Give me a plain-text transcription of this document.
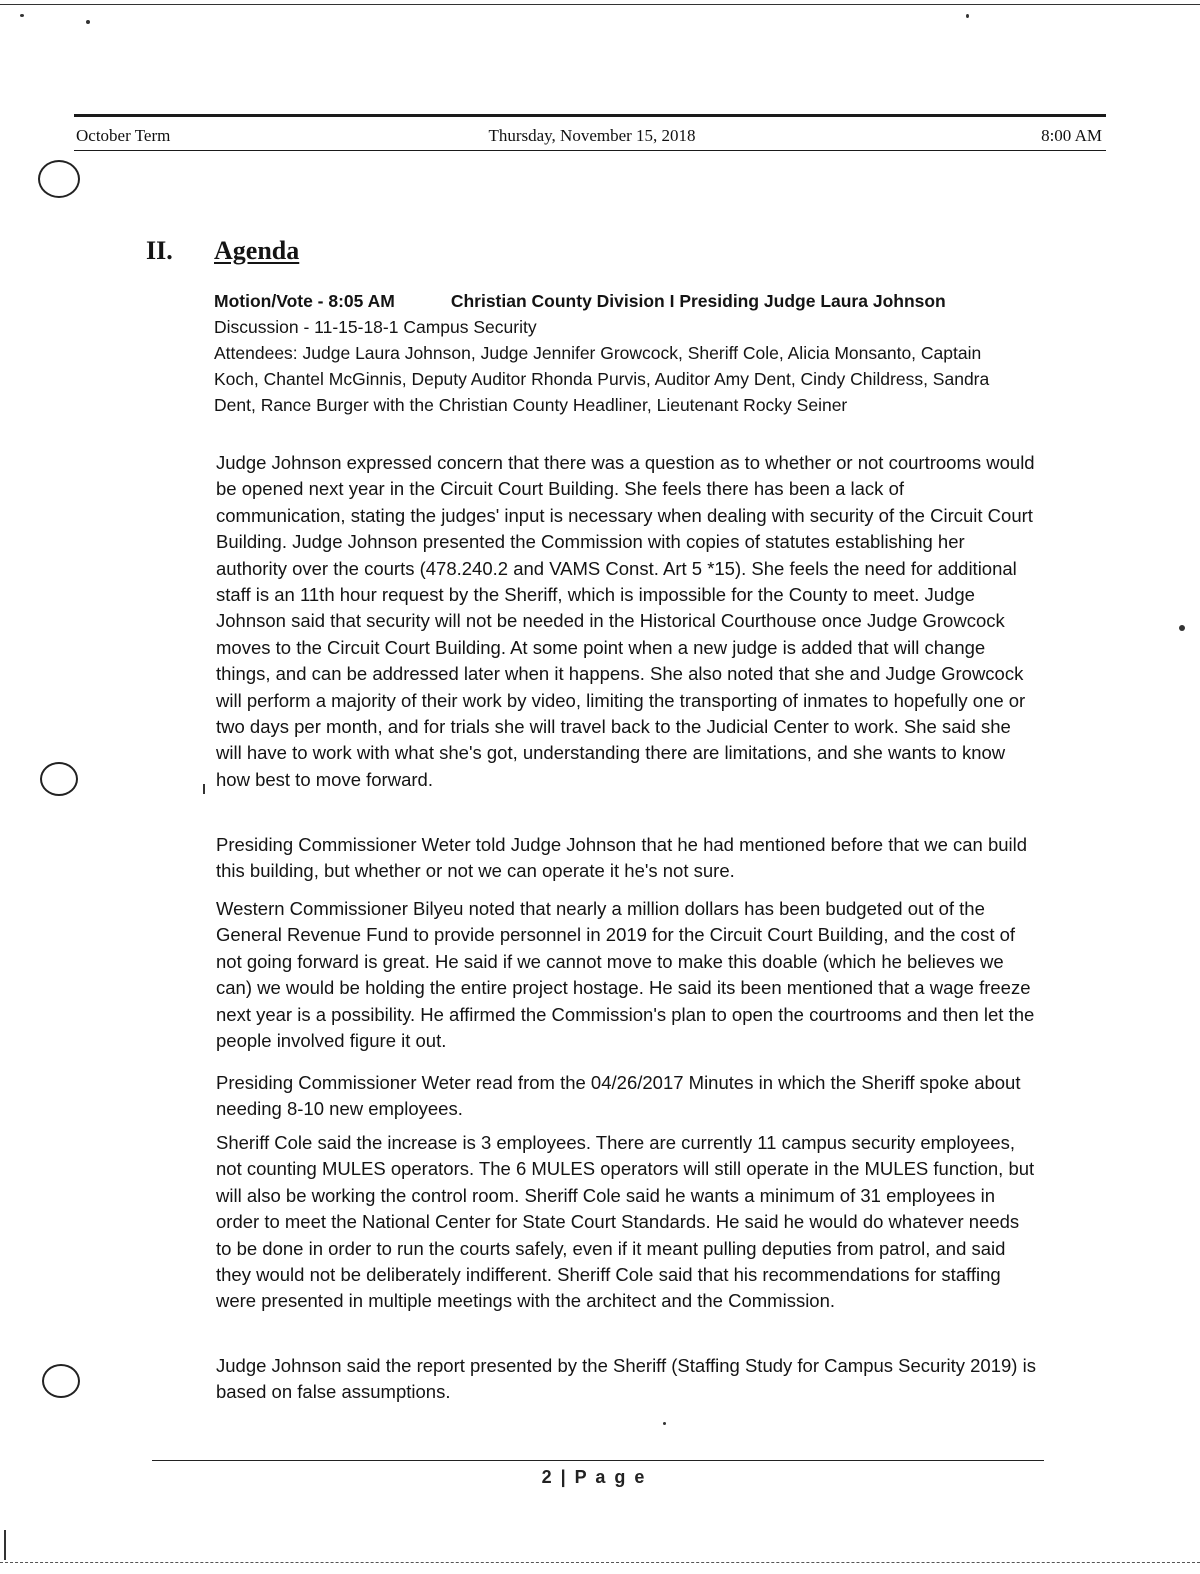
October Term	Thursday, November 15, 2018	8:00 AM
II. Agenda
Motion/Vote - 8:05 AM	Christian County Division I Presiding Judge Laura Johnson
Discussion - 11-15-18-1 Campus Security
Attendees: Judge Laura Johnson, Judge Jennifer Growcock, Sheriff Cole, Alicia Monsanto, Captain Koch, Chantel McGinnis, Deputy Auditor Rhonda Purvis, Auditor Amy Dent, Cindy Childress, Sandra Dent, Rance Burger with the Christian County Headliner, Lieutenant Rocky Seiner

Judge Johnson expressed concern that there was a question as to whether or not courtrooms would be opened next year in the Circuit Court Building. She feels there has been a lack of communication, stating the judges' input is necessary when dealing with security of the Circuit Court Building. Judge Johnson presented the Commission with copies of statutes establishing her authority over the courts (478.240.2 and VAMS Const. Art 5 *15). She feels the need for additional staff is an 11th hour request by the Sheriff, which is impossible for the County to meet. Judge Johnson said that security will not be needed in the Historical Courthouse once Judge Growcock moves to the Circuit Court Building. At some point when a new judge is added that will change things, and can be addressed later when it happens. She also noted that she and Judge Growcock will perform a majority of their work by video, limiting the transporting of inmates to hopefully one or two days per month, and for trials she will travel back to the Judicial Center to work. She said she will have to work with what she's got, understanding there are limitations, and she wants to know how best to move forward.

Presiding Commissioner Weter told Judge Johnson that he had mentioned before that we can build this building, but whether or not we can operate it he's not sure.

Western Commissioner Bilyeu noted that nearly a million dollars has been budgeted out of the General Revenue Fund to provide personnel in 2019 for the Circuit Court Building, and the cost of not going forward is great. He said if we cannot move to make this doable (which he believes we can) we would be holding the entire project hostage. He said its been mentioned that a wage freeze next year is a possibility. He affirmed the Commission's plan to open the courtrooms and then let the people involved figure it out.

Presiding Commissioner Weter read from the 04/26/2017 Minutes in which the Sheriff spoke about needing 8-10 new employees.

Sheriff Cole said the increase is 3 employees. There are currently 11 campus security employees, not counting MULES operators. The 6 MULES operators will still operate in the MULES function, but will also be working the control room. Sheriff Cole said he wants a minimum of 31 employees in order to meet the National Center for State Court Standards. He said he would do whatever needs to be done in order to run the courts safely, even if it meant pulling deputies from patrol, and said they would not be deliberately indifferent. Sheriff Cole said that his recommendations for staffing were presented in multiple meetings with the architect and the Commission.

Judge Johnson said the report presented by the Sheriff (Staffing Study for Campus Security 2019) is based on false assumptions.

2 | P a g e
